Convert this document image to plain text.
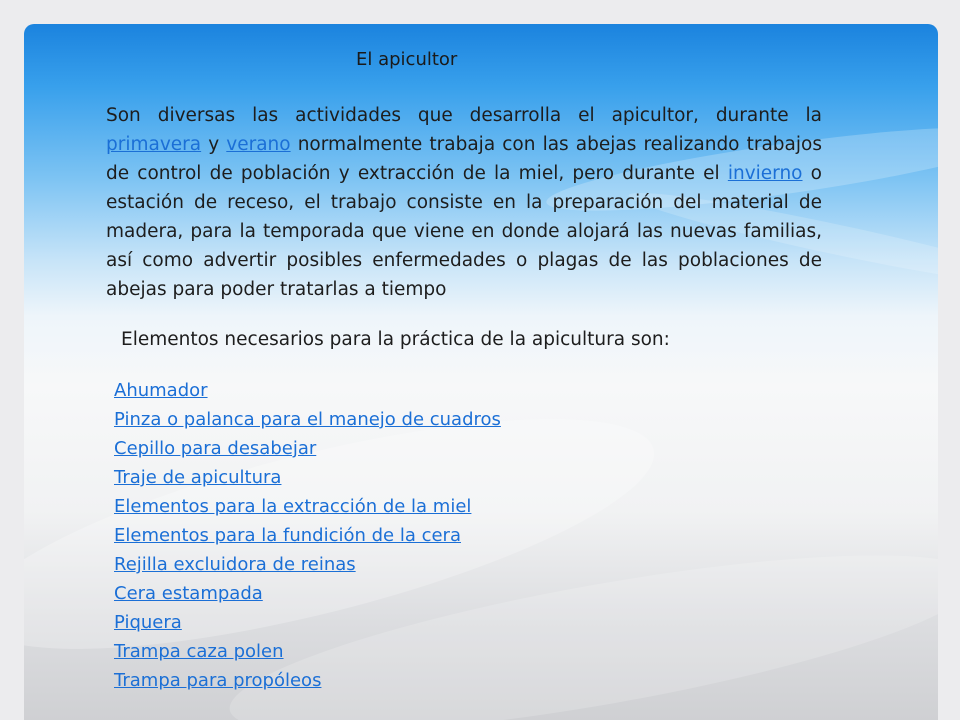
El apicultor
Son diversas las actividades que desarrolla el apicultor, durante la primavera y verano normalmente trabaja con las abejas realizando trabajos de control de población y extracción de la miel, pero durante el invierno o estación de receso, el trabajo consiste en la preparación del material de madera, para la temporada que viene en donde alojará las nuevas familias, así como advertir posibles enfermedades o plagas de las poblaciones de abejas para poder tratarlas a tiempo
Elementos necesarios para la práctica de la apicultura son:
Ahumador
Pinza o palanca para el manejo de cuadros
Cepillo para desabejar
Traje de apicultura
Elementos para la extracción de la miel
Elementos para la fundición de la cera
Rejilla excluidora de reinas
Cera estampada
Piquera
Trampa caza polen
Trampa para propóleos
